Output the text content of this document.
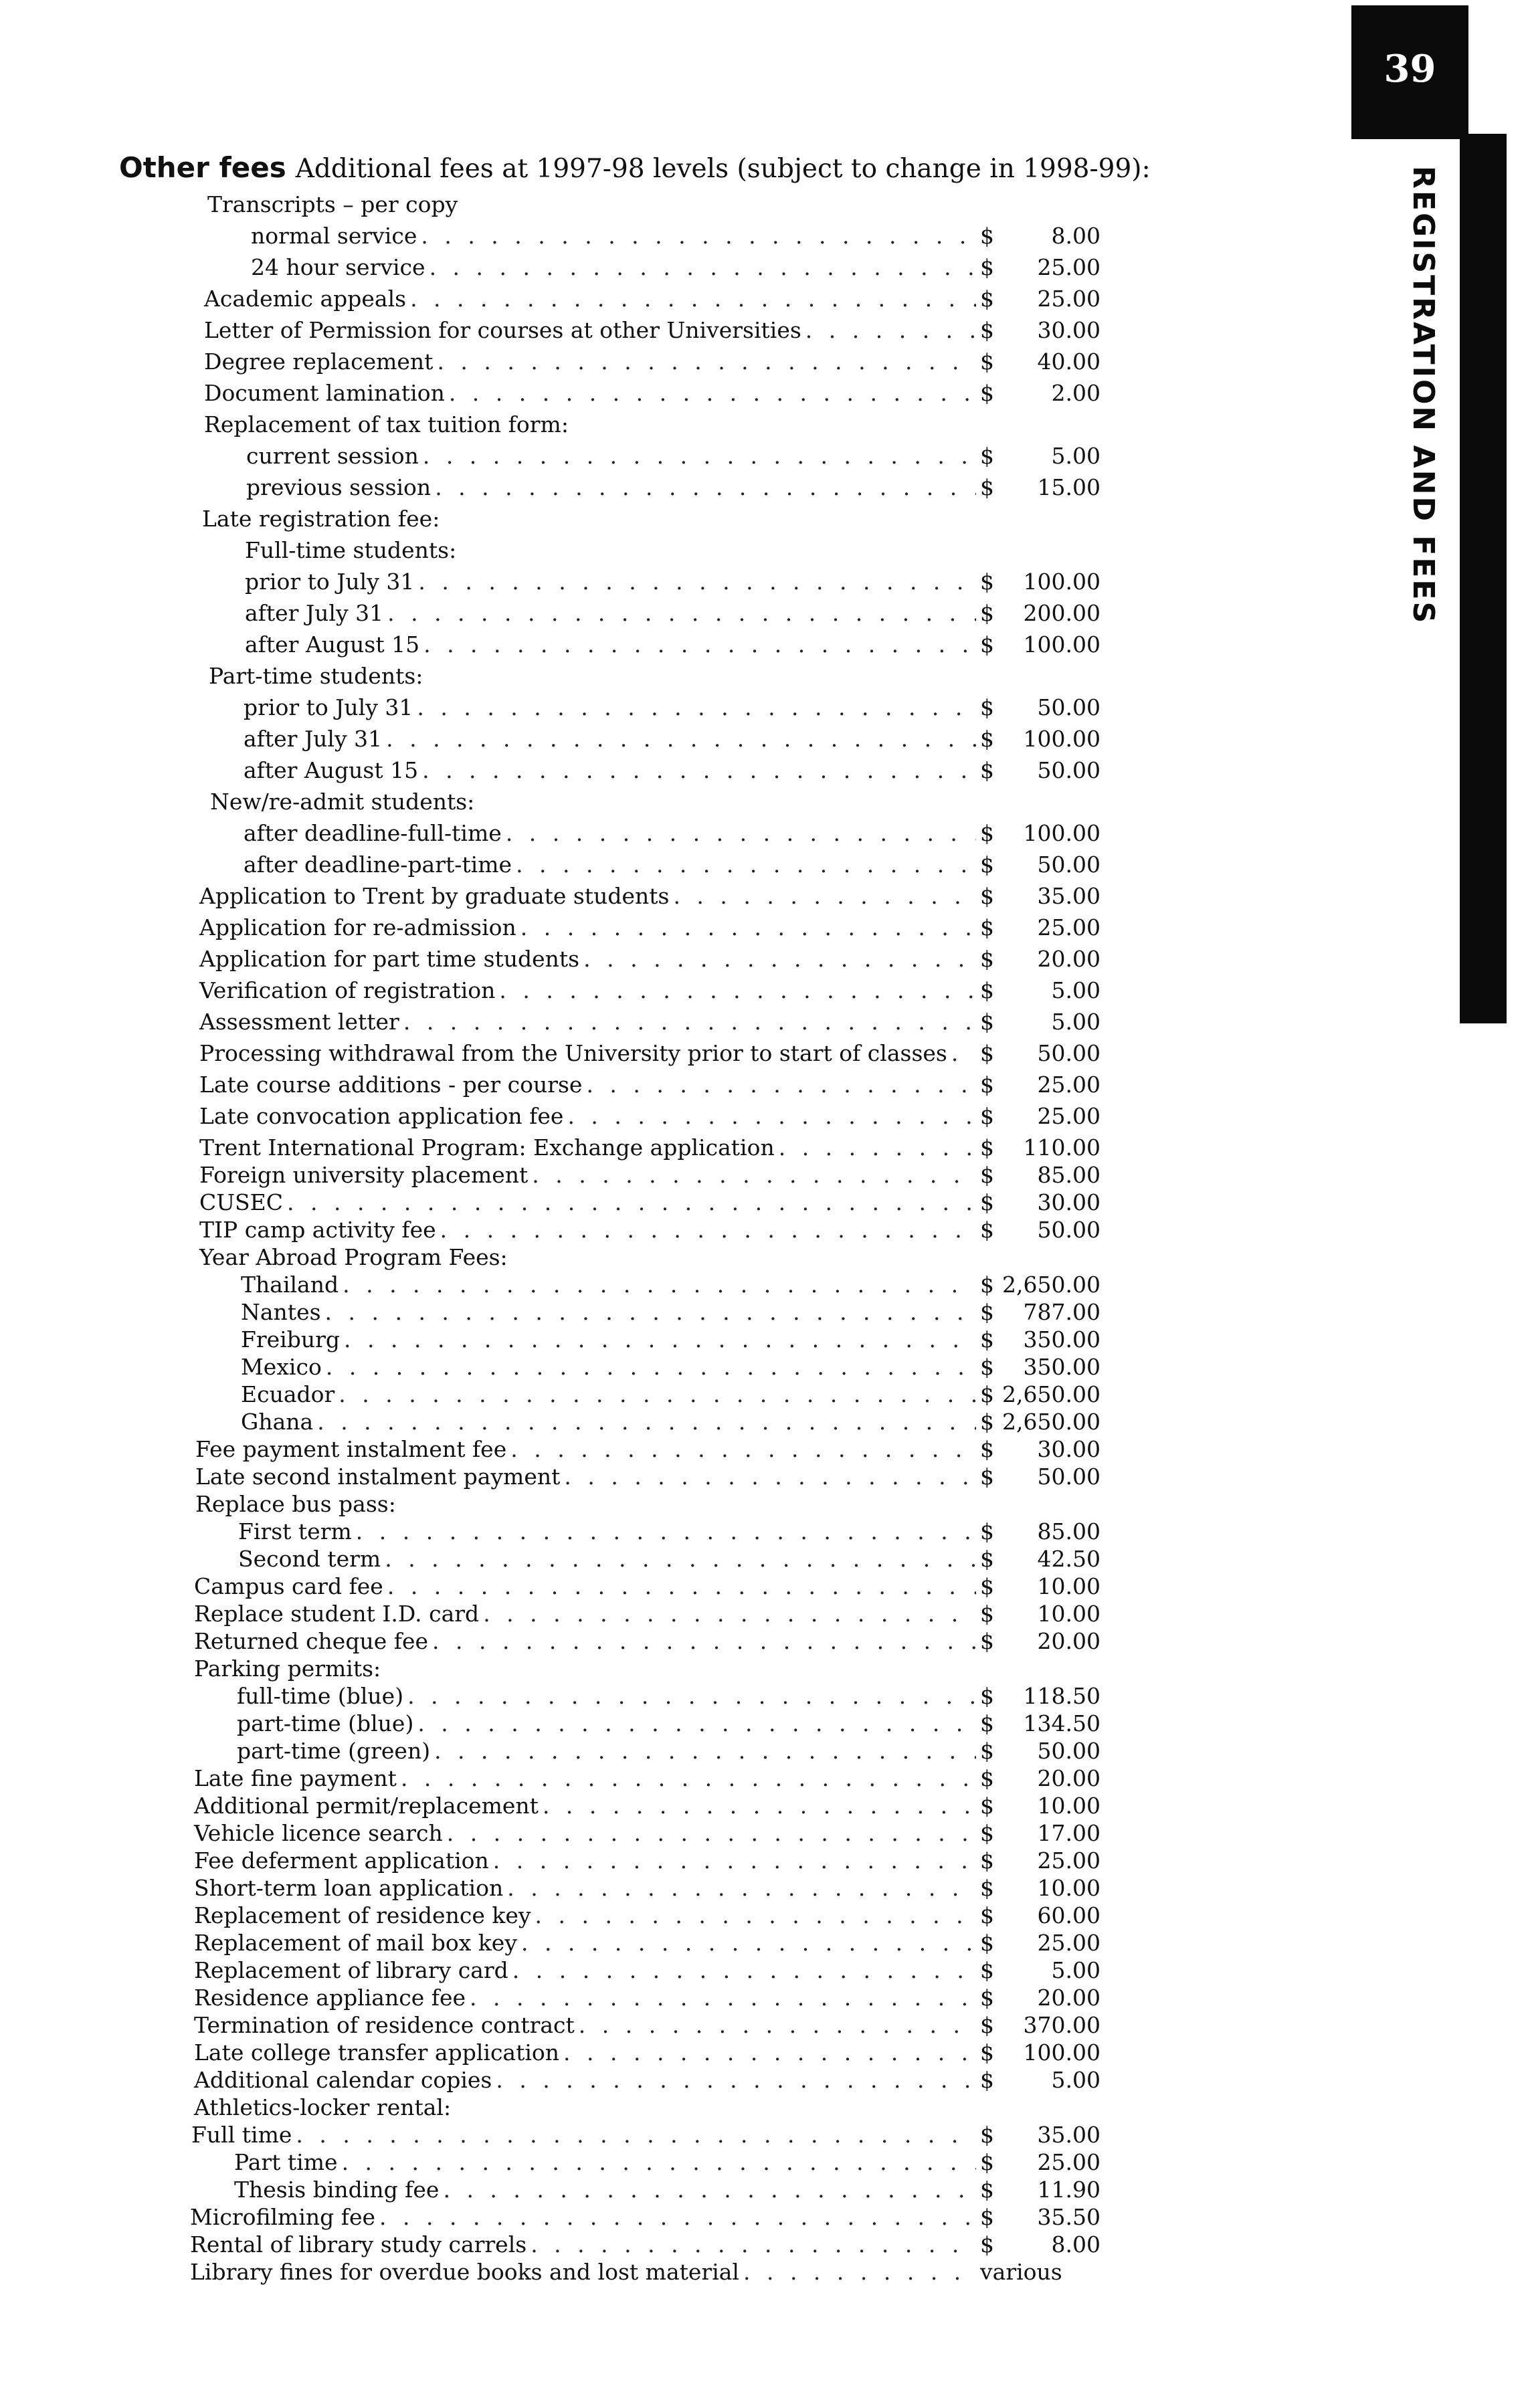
39
REGISTRATION AND FEES
Other fees Additional fees at 1997-98 levels (subject to change in 1998-99):
Transcripts – per copy
normal service . . .	$	8.00
24 hour service . . .	$	25.00
Academic appeals . . .	$	25.00
Letter of Permission for courses at other Universities . . .	$	30.00
Degree replacement . . .	$	40.00
Document lamination . . .	$	2.00
Replacement of tax tuition form:
current session . . .	$	5.00
previous session . . .	$	15.00
Late registration fee:
Full-time students:
prior to July 31 . . .	$	100.00
after July 31 . . .	$	200.00
after August 15 . . .	$	100.00
Part-time students:
prior to July 31 . . .	$	50.00
after July 31 . . .	$	100.00
after August 15 . . .	$	50.00
New/re-admit students:
after deadline-full-time . . .	$	100.00
after deadline-part-time . . .	$	50.00
Application to Trent by graduate students . . .	$	35.00
Application for re-admission . . .	$	25.00
Application for part time students . . .	$	20.00
Verification of registration . . .	$	5.00
Assessment letter . . .	$	5.00
Processing withdrawal from the University prior to start of classes . . . $	50.00
Late course additions - per course . . .	$	25.00
Late convocation application fee . . .	$	25.00
Trent International Program: Exchange application . . .	$	110.00
Foreign university placement . . .	$	85.00
CUSEC . . .	$	30.00
TIP camp activity fee . . .	$	50.00
Year Abroad Program Fees:
Thailand . . .	$ 2,650.00
Nantes . . .	$	787.00
Freiburg . . .	$	350.00
Mexico . . .	$	350.00
Ecuador . . .	$ 2,650.00
Ghana . . .	$ 2,650.00
Fee payment instalment fee . . .	$	30.00
Late second instalment payment . . .	$	50.00
Replace bus pass:
First term . . .	$	85.00
Second term . . .	$	42.50
Campus card fee . . .	$	10.00
Replace student I.D. card . . .	$	10.00
Returned cheque fee . . .	$	20.00
Parking permits:
full-time (blue) . . .	$	118.50
part-time (blue) . . .	$	134.50
part-time (green) . . .	$	50.00
Late fine payment . . .	$	20.00
Additional permit/replacement . . .	$	10.00
Vehicle licence search . . .	$	17.00
Fee deferment application . . .	$	25.00
Short-term loan application . . .	$	10.00
Replacement of residence key . . .	$	60.00
Replacement of mail box key . . .	$	25.00
Replacement of library card . . .	$	5.00
Residence appliance fee . . .	$	20.00
Termination of residence contract . . .	$	370.00
Late college transfer application . . .	$	100.00
Additional calendar copies . . .	$	5.00
Athletics-locker rental:
Full time . . .	$	35.00
Part time . . .	$	25.00
Thesis binding fee . . .	$	11.90
Microfilming fee . . .	$	35.50
Rental of library study carrels . . .	$	8.00
Library fines for overdue books and lost material . . .	various
